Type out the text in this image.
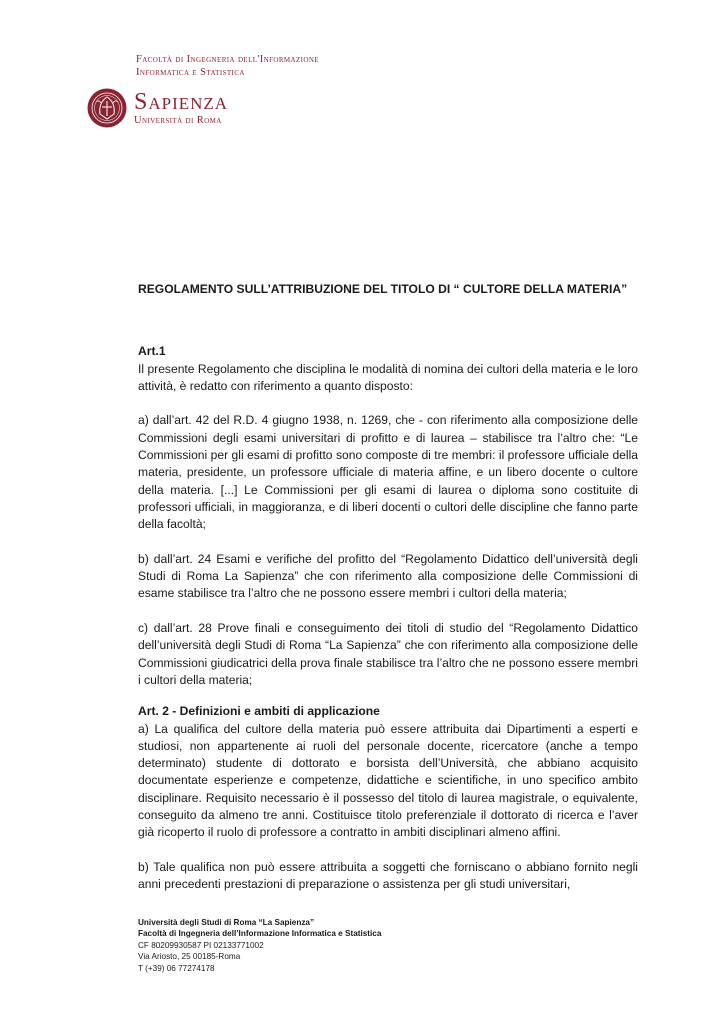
Facoltà di Ingegneria dell'Informazione
Informatica e Statistica
Sapienza
Università di Roma
REGOLAMENTO SULL’ATTRIBUZIONE DEL TITOLO DI “ CULTORE DELLA MATERIA”
Art.1

Il presente Regolamento che disciplina le modalità di nomina dei cultori della materia e le loro attività, è redatto con riferimento a quanto disposto:

a) dall’art. 42 del R.D. 4 giugno 1938, n. 1269, che - con riferimento alla composizione delle Commissioni degli esami universitari di profitto e di laurea – stabilisce tra l’altro che: “Le Commissioni per gli esami di profitto sono composte di tre membri: il professore ufficiale della materia, presidente, un professore ufficiale di materia affine, e un libero docente o cultore della materia. [...] Le Commissioni per gli esami di laurea o diploma sono costituite di professori ufficiali, in maggioranza, e di liberi docenti o cultori delle discipline che fanno parte della facoltà;

b) dall’art. 24 Esami e verifiche del profitto del “Regolamento Didattico dell’università degli Studi di Roma La Sapienza” che con riferimento alla composizione delle Commissioni di esame stabilisce tra l’altro che ne possono essere membri i cultori della materia;

c) dall’art. 28 Prove finali e conseguimento dei titoli di studio del “Regolamento Didattico dell’università degli Studi di Roma “La Sapienza” che con riferimento alla composizione delle Commissioni giudicatrici della prova finale stabilisce tra l’altro che ne possono essere membri i cultori della materia;

Art. 2 - Definizioni e ambiti di applicazione

a) La qualifica del cultore della materia può essere attribuita dai Dipartimenti a esperti e studiosi, non appartenente ai ruoli del personale docente, ricercatore (anche a tempo determinato) studente di dottorato e borsista dell’Università, che abbiano acquisito documentate esperienze e competenze, didattiche e scientifiche, in uno specifico ambito disciplinare. Requisito necessario è il possesso del titolo di laurea magistrale, o equivalente, conseguito da almeno tre anni. Costituisce titolo preferenziale il dottorato di ricerca e l’aver già ricoperto il ruolo di professore a contratto in ambiti disciplinari almeno affini.

b) Tale qualifica non può essere attribuita a soggetti che forniscano o abbiano fornito negli anni precedenti prestazioni di preparazione o assistenza per gli studi universitari,

Università degli Studi di Roma “La Sapienza”
Facoltà di Ingegneria dell’Informazione Informatica e Statistica
CF 80209930587 PI 02133771002
Via Ariosto, 25 00185-Roma
T (+39) 06 77274178
